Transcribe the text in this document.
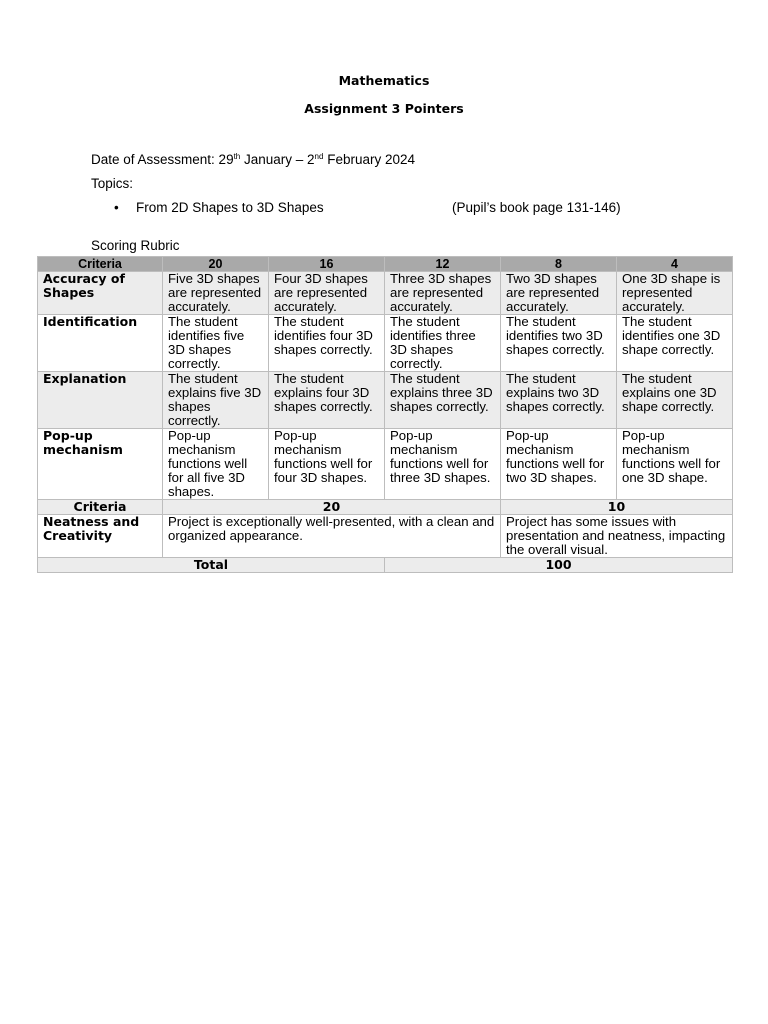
Mathematics
Assignment 3 Pointers
Date of Assessment: 29th January – 2nd February 2024
Topics:
• From 2D Shapes to 3D Shapes	(Pupil’s book page 131-146)
Scoring Rubric
Criteria	20	16	12	8	4
Accuracy of Shapes	Five 3D shapes are represented accurately.	Four 3D shapes are represented accurately.	Three 3D shapes are represented accurately.	Two 3D shapes are represented accurately.	One 3D shape is represented accurately.
Identification	The student identifies five 3D shapes correctly.	The student identifies four 3D shapes correctly.	The student identifies three 3D shapes correctly.	The student identifies two 3D shapes correctly.	The student identifies one 3D shape correctly.
Explanation	The student explains five 3D shapes correctly.	The student explains four 3D shapes correctly.	The student explains three 3D shapes correctly.	The student explains two 3D shapes correctly.	The student explains one 3D shape correctly.
Pop-up mechanism	Pop-up mechanism functions well for all five 3D shapes.	Pop-up mechanism functions well for four 3D shapes.	Pop-up mechanism functions well for three 3D shapes.	Pop-up mechanism functions well for two 3D shapes.	Pop-up mechanism functions well for one 3D shape.
Criteria	20			10	
Neatness and Creativity	Project is exceptionally well-presented, with a clean and organized appearance.			Project has some issues with presentation and neatness, impacting the overall visual.	
Total			100		
